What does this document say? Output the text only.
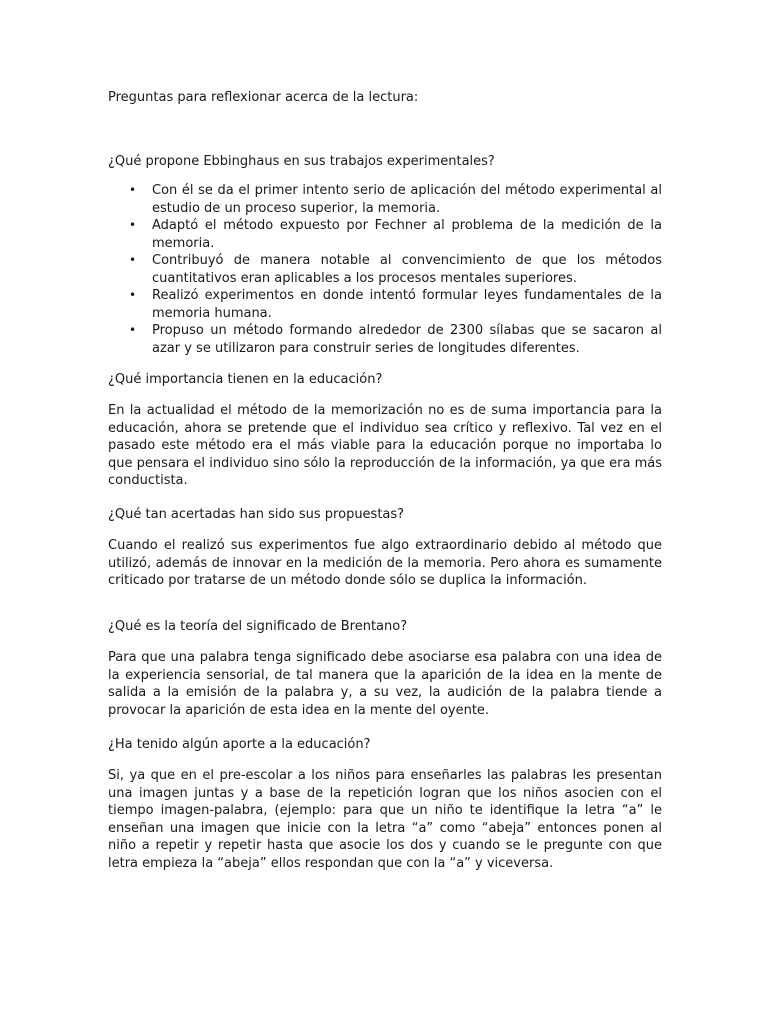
Preguntas para reflexionar acerca de la lectura:

¿Qué propone Ebbinghaus en sus trabajos experimentales?

• Con él se da el primer intento serio de aplicación del método experimental al estudio de un proceso superior, la memoria.
• Adaptó el método expuesto por Fechner al problema de la medición de la memoria.
• Contribuyó de manera notable al convencimiento de que los métodos cuantitativos eran aplicables a los procesos mentales superiores.
• Realizó experimentos en donde intentó formular leyes fundamentales de la memoria humana.
• Propuso un método formando alrededor de 2300 sílabas que se sacaron al azar y se utilizaron para construir series de longitudes diferentes.

¿Qué importancia tienen en la educación?

En la actualidad el método de la memorización no es de suma importancia para la educación, ahora se pretende que el individuo sea crítico y reflexivo. Tal vez en el pasado este método era el más viable para la educación porque no importaba lo que pensara el individuo sino sólo la reproducción de la información, ya que era más conductista.

¿Qué tan acertadas han sido sus propuestas?

Cuando el realizó sus experimentos fue algo extraordinario debido al método que utilizó, además de innovar en la medición de la memoria. Pero ahora es sumamente criticado por tratarse de un método donde sólo se duplica la información.

¿Qué es la teoría del significado de Brentano?

Para que una palabra tenga significado debe asociarse esa palabra con una idea de la experiencia sensorial, de tal manera que la aparición de la idea en la mente de salida a la emisión de la palabra y, a su vez, la audición de la palabra tiende a provocar la aparición de esta idea en la mente del oyente.

¿Ha tenido algún aporte a la educación?

Si, ya que en el pre-escolar a los niños para enseñarles las palabras les presentan una imagen juntas y a base de la repetición logran que los niños asocien con el tiempo imagen-palabra, (ejemplo: para que un niño te identifique la letra “a” le enseñan una imagen que inicie con la letra “a” como “abeja” entonces ponen al niño a repetir y repetir hasta que asocie los dos y cuando se le pregunte con que letra empieza la “abeja” ellos respondan que con la “a” y viceversa.
